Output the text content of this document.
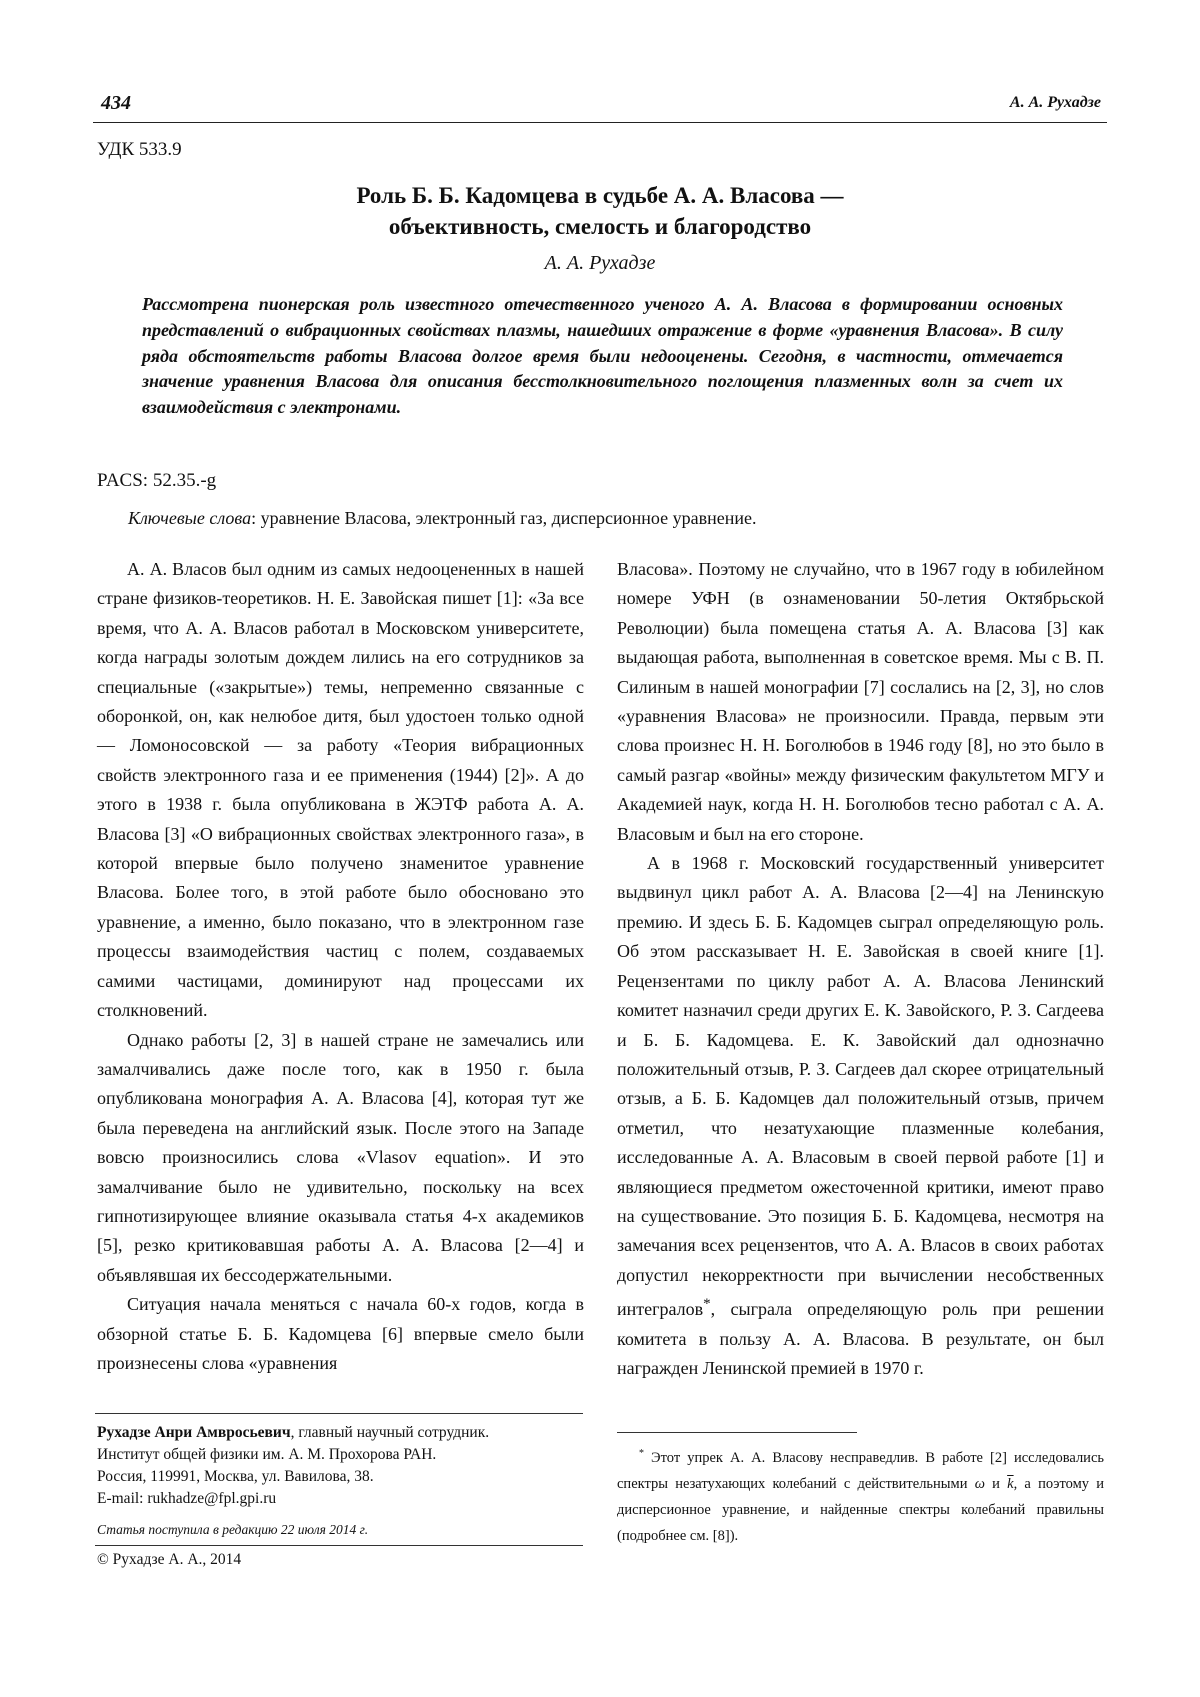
434	А. А. Рухадзе
УДК 533.9
Роль Б. Б. Кадомцева в судьбе А. А. Власова —
объективность, смелость и благородство
А. А. Рухадзе

Рассмотрена пионерская роль известного отечественного ученого А. А. Власова в формировании основных представлений о вибрационных свойствах плазмы, нашедших отражение в форме «уравнения Власова». В силу ряда обстоятельств работы Власова долгое время были недооценены. Сегодня, в частности, отмечается значение уравнения Власова для описания бесстолкновительного поглощения плазменных волн за счет их взаимодействия с электронами.

PACS: 52.35.-g
Ключевые слова: уравнение Власова, электронный газ, дисперсионное уравнение.

А. А. Власов был одним из самых недооцененных в нашей стране физиков-теоретиков. Н. Е. Завойская пишет [1]: «За все время, что А. А. Власов работал в Московском университете, когда награды золотым дождем лились на его сотрудников за специальные («закрытые») темы, непременно связанные с оборонкой, он, как нелюбое дитя, был удостоен только одной — Ломоносовской — за работу «Теория вибрационных свойств электронного газа и ее применения (1944) [2]». А до этого в 1938 г. была опубликована в ЖЭТФ работа А. А. Власова [3] «О вибрационных свойствах электронного газа», в которой впервые было получено знаменитое уравнение Власова. Более того, в этой работе было обосновано это уравнение, а именно, было показано, что в электронном газе процессы взаимодействия частиц с полем, создаваемых самими частицами, доминируют над процессами их столкновений.

Однако работы [2, 3] в нашей стране не замечались или замалчивались даже после того, как в 1950 г. была опубликована монография А. А. Власова [4], которая тут же была переведена на английский язык. После этого на Западе вовсю произносились слова «Vlasov equation». И это замалчивание было не удивительно, поскольку на всех гипнотизирующее влияние оказывала статья 4-х академиков [5], резко критиковавшая работы А. А. Власова [2—4] и объявлявшая их бессодержательными.

Ситуация начала меняться с начала 60-х годов, когда в обзорной статье Б. Б. Кадомцева [6] впервые смело были произнесены слова «уравнения

Власова». Поэтому не случайно, что в 1967 году в юбилейном номере УФН (в ознаменовании 50-летия Октябрьской Революции) была помещена статья А. А. Власова [3] как выдающая работа, выполненная в советское время. Мы с В. П. Силиным в нашей монографии [7] сослались на [2, 3], но слов «уравнения Власова» не произносили. Правда, первым эти слова произнес Н. Н. Боголюбов в 1946 году [8], но это было в самый разгар «войны» между физическим факультетом МГУ и Академией наук, когда Н. Н. Боголюбов тесно работал с А. А. Власовым и был на его стороне.

А в 1968 г. Московский государственный университет выдвинул цикл работ А. А. Власова [2—4] на Ленинскую премию. И здесь Б. Б. Кадомцев сыграл определяющую роль. Об этом рассказывает Н. Е. Завойская в своей книге [1]. Рецензентами по циклу работ А. А. Власова Ленинский комитет назначил среди других Е. К. Завойского, Р. З. Сагдеева и Б. Б. Кадомцева. Е. К. Завойский дал однозначно положительный отзыв, Р. З. Сагдеев дал скорее отрицательный отзыв, а Б. Б. Кадомцев дал положительный отзыв, причем отметил, что незатухающие плазменные колебания, исследованные А. А. Власовым в своей первой работе [1] и являющиеся предметом ожесточенной критики, имеют право на существование. Это позиция Б. Б. Кадомцева, несмотря на замечания всех рецензентов, что А. А. Власов в своих работах допустил некорректности при вычислении несобственных интегралов*, сыграла определяющую роль при решении комитета в пользу А. А. Власова. В результате, он был награжден Ленинской премией в 1970 г.

Рухадзе Анри Амвросьевич, главный научный сотрудник.
Институт общей физики им. А. М. Прохорова РАН.
Россия, 119991, Москва, ул. Вавилова, 38.
E-mail: rukhadze@fpl.gpi.ru
Статья поступила в редакцию 22 июля 2014 г.
© Рухадзе А. А., 2014

* Этот упрек А. А. Власову несправедлив. В работе [2] исследовались спектры незатухающих колебаний с действительными ω и $\overline{k}$, а поэтому и дисперсионное уравнение, и найденные спектры колебаний правильны (подробнее см. [8]).
